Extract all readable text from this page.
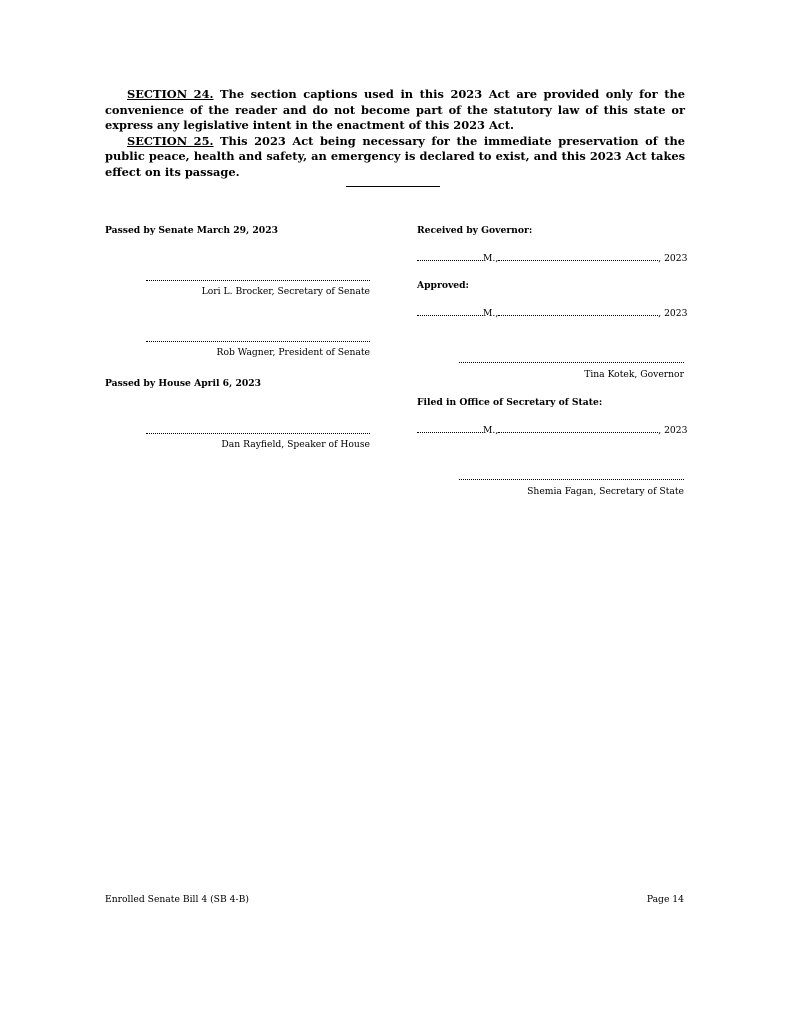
SECTION 24. The section captions used in this 2023 Act are provided only for the convenience of the reader and do not become part of the statutory law of this state or express any legislative intent in the enactment of this 2023 Act.

SECTION 25. This 2023 Act being necessary for the immediate preservation of the public peace, health and safety, an emergency is declared to exist, and this 2023 Act takes effect on its passage.

Passed by Senate March 29, 2023
Lori L. Brocker, Secretary of Senate
Rob Wagner, President of Senate
Passed by House April 6, 2023
Dan Rayfield, Speaker of House
Received by Governor:
M.,	, 2023
Approved:
M.,	, 2023
Tina Kotek, Governor
Filed in Office of Secretary of State:
M.,	, 2023
Shemia Fagan, Secretary of State
Enrolled Senate Bill 4 (SB 4-B)	Page 14
